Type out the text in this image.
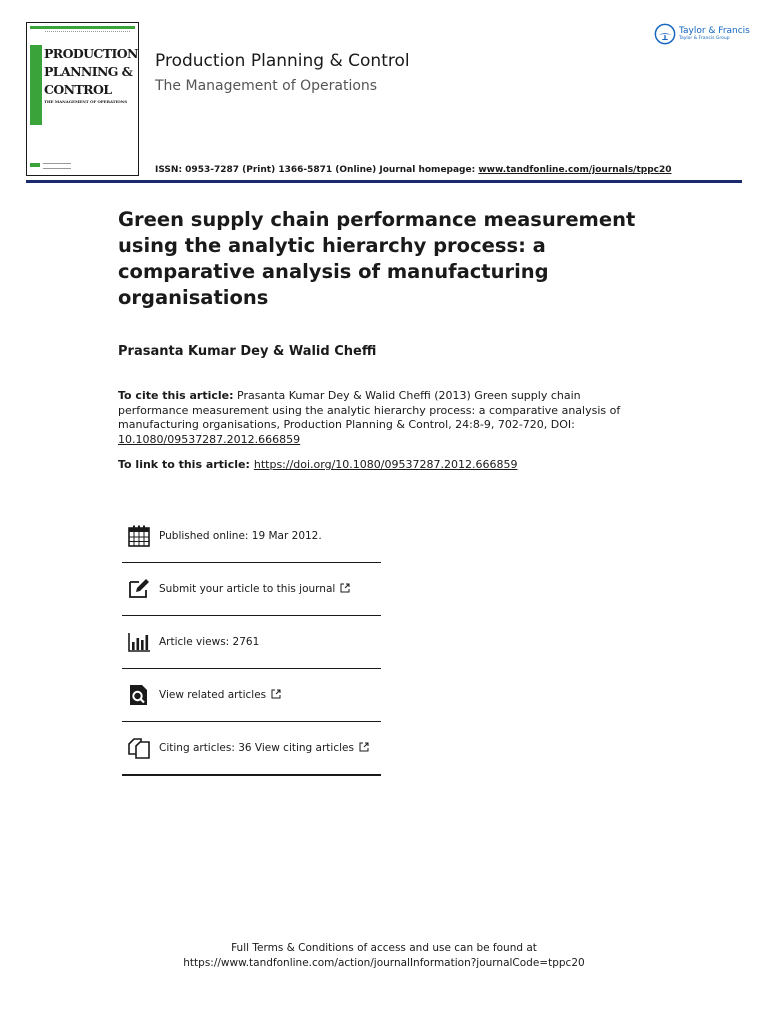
PRODUCTION
PLANNING &
CONTROL
THE MANAGEMENT OF OPERATIONS
Production Planning & Control
The Management of Operations
ISSN: 0953-7287 (Print) 1366-5871 (Online) Journal homepage: www.tandfonline.com/journals/tppc20
Taylor & Francis
Taylor & Francis Group
Green supply chain performance measurement using the analytic hierarchy process: a comparative analysis of manufacturing organisations
Prasanta Kumar Dey & Walid Cheffi
To cite this article: Prasanta Kumar Dey & Walid Cheffi (2013) Green supply chain performance measurement using the analytic hierarchy process: a comparative analysis of manufacturing organisations, Production Planning & Control, 24:8-9, 702-720, DOI: 10.1080/09537287.2012.666859
To link to this article: https://doi.org/10.1080/09537287.2012.666859
Published online: 19 Mar 2012.
Submit your article to this journal
Article views: 2761
View related articles
Citing articles: 36 View citing articles
Full Terms & Conditions of access and use can be found at
https://www.tandfonline.com/action/journalInformation?journalCode=tppc20
